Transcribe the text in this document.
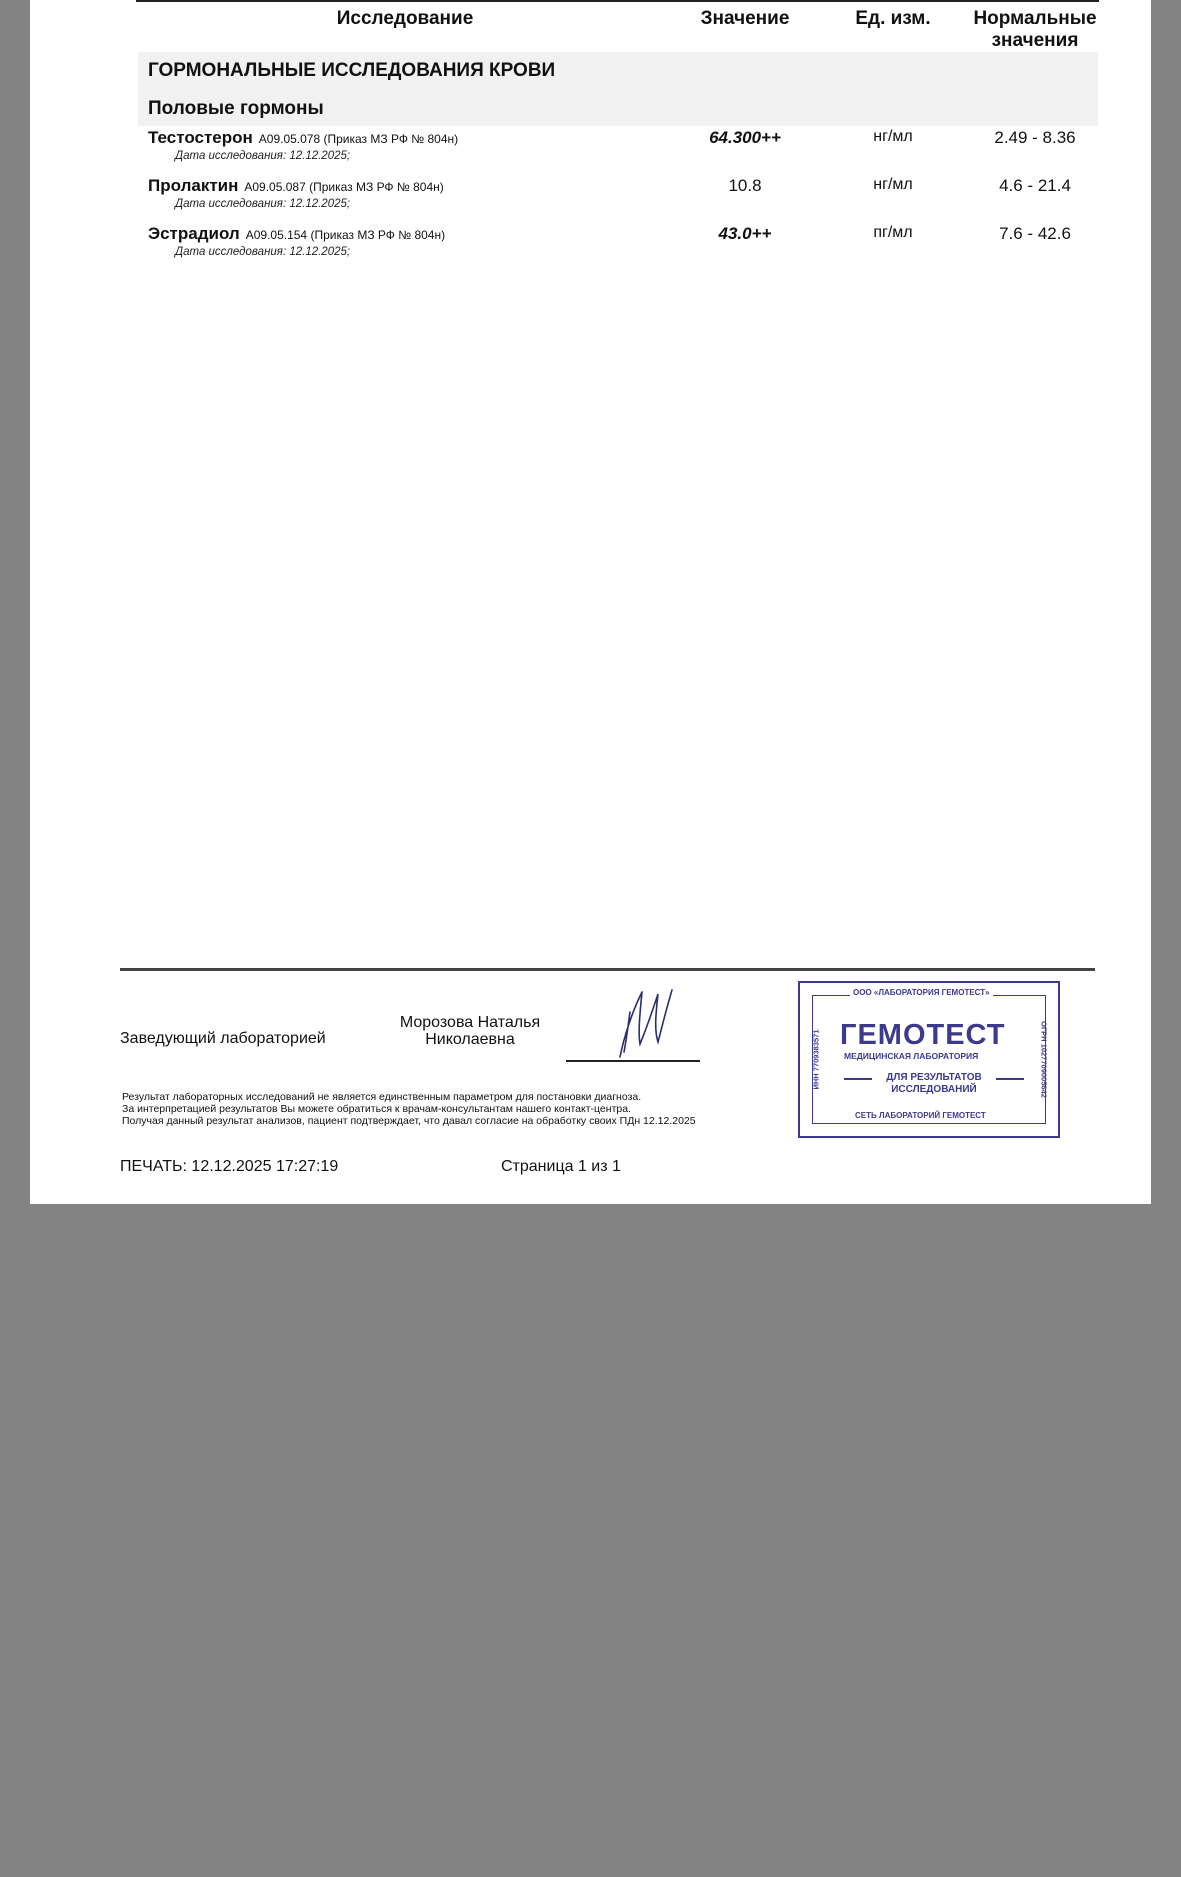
Исследование	Значение	Ед. изм.	Нормальные
значения
ГОРМОНАЛЬНЫЕ ИССЛЕДОВАНИЯ КРОВИ
Половые гормоны
Тестостерон A09.05.078 (Приказ МЗ РФ № 804н)
Дата исследования: 12.12.2025;
64.300++	нг/мл	2.49 - 8.36
Пролактин A09.05.087 (Приказ МЗ РФ № 804н)
Дата исследования: 12.12.2025;
10.8	нг/мл	4.6 - 21.4
Эстрадиол A09.05.154 (Приказ МЗ РФ № 804н)
Дата исследования: 12.12.2025;
43.0++	пг/мл	7.6 - 42.6
Заведующий лабораторией
Морозова Наталья
Николаевна
Результат лабораторных исследований не является единственным параметром для постановки диагноза.
За интерпретацией результатов Вы можете обратиться к врачам-консультантам нашего контакт-центра.
Получая данный результат анализов, пациент подтверждает, что давал согласие на обработку своих ПДн 12.12.2025
ООО «ЛАБОРАТОРИЯ ГЕМОТЕСТ»
ГЕМОТЕСТ
МЕДИЦИНСКАЯ ЛАБОРАТОРИЯ
ДЛЯ РЕЗУЛЬТАТОВ
ИССЛЕДОВАНИЙ
СЕТЬ ЛАБОРАТОРИЙ ГЕМОТЕСТ
ИНН 7709383571	ОГРН 1027709005642
ПЕЧАТЬ: 12.12.2025 17:27:19	Страница 1 из 1
